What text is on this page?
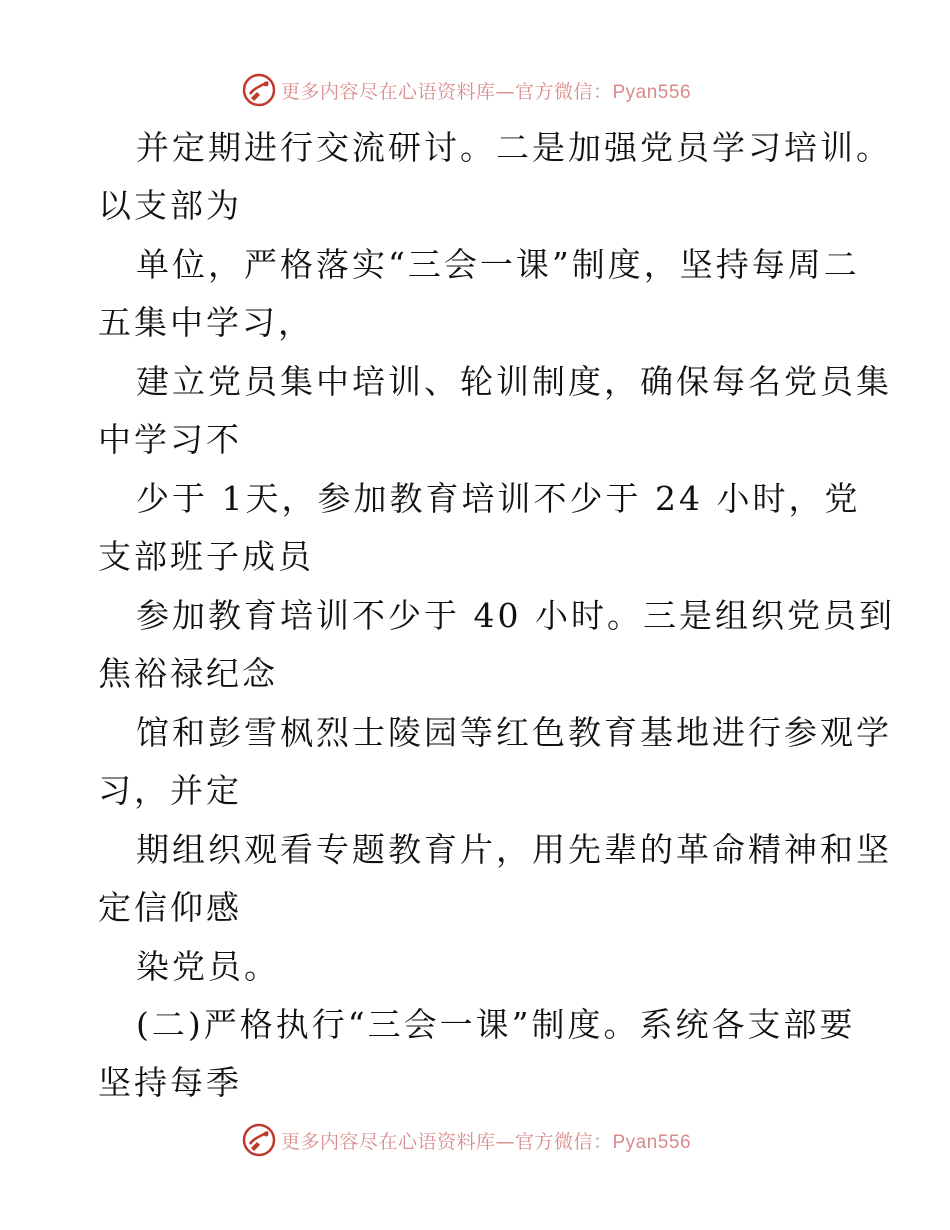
更多内容尽在心语资料库—官方微信：Pyan556
并定期进行交流研讨。二是加强党员学习培训。
以支部为
单位，严格落实“三会一课”制度，坚持每周二
五集中学习，
建立党员集中培训、轮训制度，确保每名党员集
中学习不
少于 1天，参加教育培训不少于 24 小时，党
支部班子成员
参加教育培训不少于 40 小时。三是组织党员到
焦裕禄纪念
馆和彭雪枫烈士陵园等红色教育基地进行参观学
习，并定
期组织观看专题教育片，用先辈的革命精神和坚
定信仰感
染党员。
(二)严格执行“三会一课”制度。系统各支部要
坚持每季
更多内容尽在心语资料库—官方微信：Pyan556
